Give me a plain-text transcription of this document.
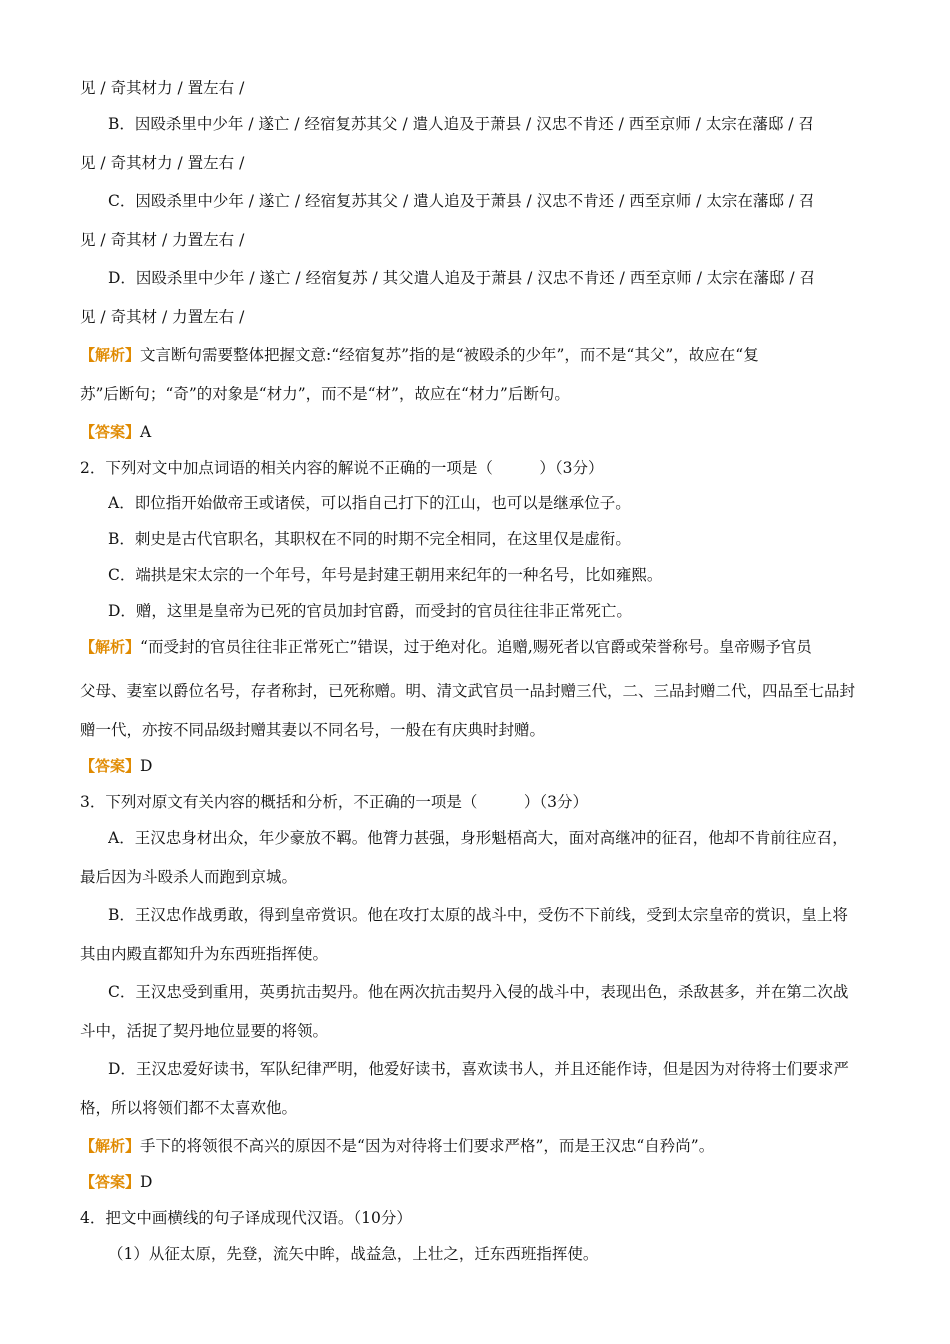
见 / 奇其材力 / 置左右 /
B．因殴杀里中少年 / 遂亡 / 经宿复苏其父 / 遣人追及于萧县 / 汉忠不肯还 / 西至京师 / 太宗在藩邸 / 召
见 / 奇其材力 / 置左右 /
C．因殴杀里中少年 / 遂亡 / 经宿复苏其父 / 遣人追及于萧县 / 汉忠不肯还 / 西至京师 / 太宗在藩邸 / 召
见 / 奇其材 / 力置左右 /
D．因殴杀里中少年 / 遂亡 / 经宿复苏 / 其父遣人追及于萧县 / 汉忠不肯还 / 西至京师 / 太宗在藩邸 / 召
见 / 奇其材 / 力置左右 /
【解析】文言断句需要整体把握文意:“经宿复苏”指的是“被殴杀的少年”，而不是“其父”，故应在“复
苏”后断句；“奇”的对象是“材力”，而不是“材”，故应在“材力”后断句。
【答案】A
2．下列对文中加点词语的相关内容的解说不正确的一项是（　　　）（3分）
A．即位指开始做帝王或诸侯，可以指自己打下的江山，也可以是继承位子。
B．刺史是古代官职名，其职权在不同的时期不完全相同，在这里仅是虚衔。
C．端拱是宋太宗的一个年号，年号是封建王朝用来纪年的一种名号，比如雍熙。
D．赠，这里是皇帝为已死的官员加封官爵，而受封的官员往往非正常死亡。
【解析】“而受封的官员往往非正常死亡”错误，过于绝对化。追赠,赐死者以官爵或荣誉称号。皇帝赐予官员
父母、妻室以爵位名号，存者称封，已死称赠。明、清文武官员一品封赠三代，二、三品封赠二代，四品至七品封
赠一代，亦按不同品级封赠其妻以不同名号，一般在有庆典时封赠。
【答案】D
3．下列对原文有关内容的概括和分析，不正确的一项是（　　　）（3分）
A．王汉忠身材出众，年少豪放不羁。他膂力甚强，身形魁梧高大，面对高继冲的征召，他却不肯前往应召，
最后因为斗殴杀人而跑到京城。
B．王汉忠作战勇敢，得到皇帝赏识。他在攻打太原的战斗中，受伤不下前线，受到太宗皇帝的赏识，皇上将
其由内殿直都知升为东西班指挥使。
C．王汉忠受到重用，英勇抗击契丹。他在两次抗击契丹入侵的战斗中，表现出色，杀敌甚多，并在第二次战
斗中，活捉了契丹地位显要的将领。
D．王汉忠爱好读书，军队纪律严明，他爱好读书，喜欢读书人，并且还能作诗，但是因为对待将士们要求严
格，所以将领们都不太喜欢他。
【解析】手下的将领很不高兴的原因不是“因为对待将士们要求严格”，而是王汉忠“自矜尚”。
【答案】D
4．把文中画横线的句子译成现代汉语。（10分）
（1）从征太原，先登，流矢中眸，战益急，上壮之，迁东西班指挥使。
